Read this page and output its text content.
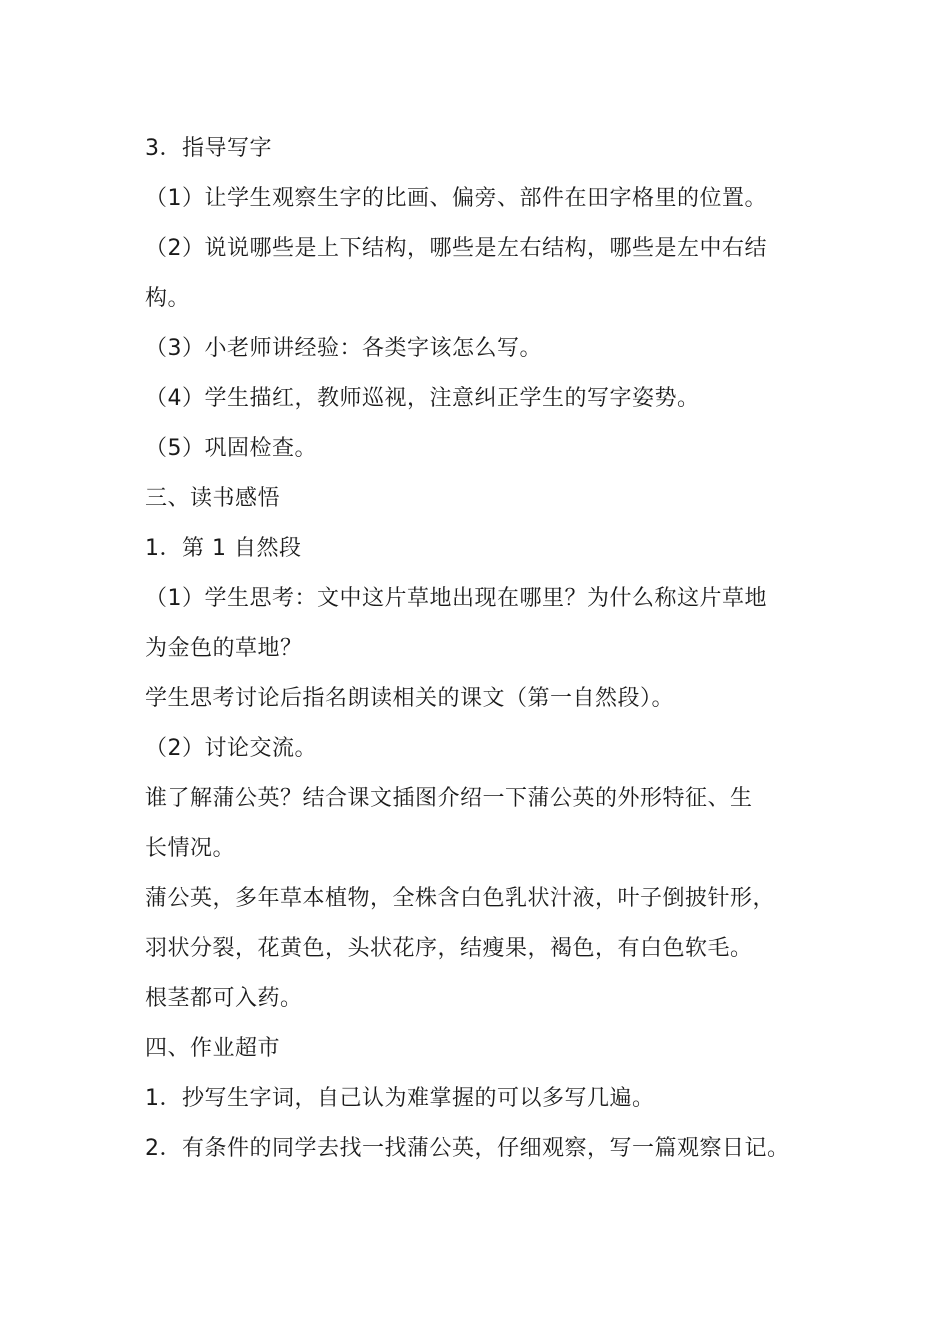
3．指导写字
（1）让学生观察生字的比画、偏旁、部件在田字格里的位置。
（2）说说哪些是上下结构，哪些是左右结构，哪些是左中右结
构。
（3）小老师讲经验：各类字该怎么写。
（4）学生描红，教师巡视，注意纠正学生的写字姿势。
（5）巩固检查。
三、读书感悟
1．第 1 自然段
（1）学生思考：文中这片草地出现在哪里？为什么称这片草地
为金色的草地？
学生思考讨论后指名朗读相关的课文（第一自然段）。
（2）讨论交流。
谁了解蒲公英？结合课文插图介绍一下蒲公英的外形特征、生
长情况。
蒲公英，多年草本植物，全株含白色乳状汁液，叶子倒披针形，
羽状分裂，花黄色，头状花序，结瘦果，褐色，有白色软毛。
根茎都可入药。
四、作业超市
1．抄写生字词，自己认为难掌握的可以多写几遍。
2．有条件的同学去找一找蒲公英，仔细观察，写一篇观察日记。
